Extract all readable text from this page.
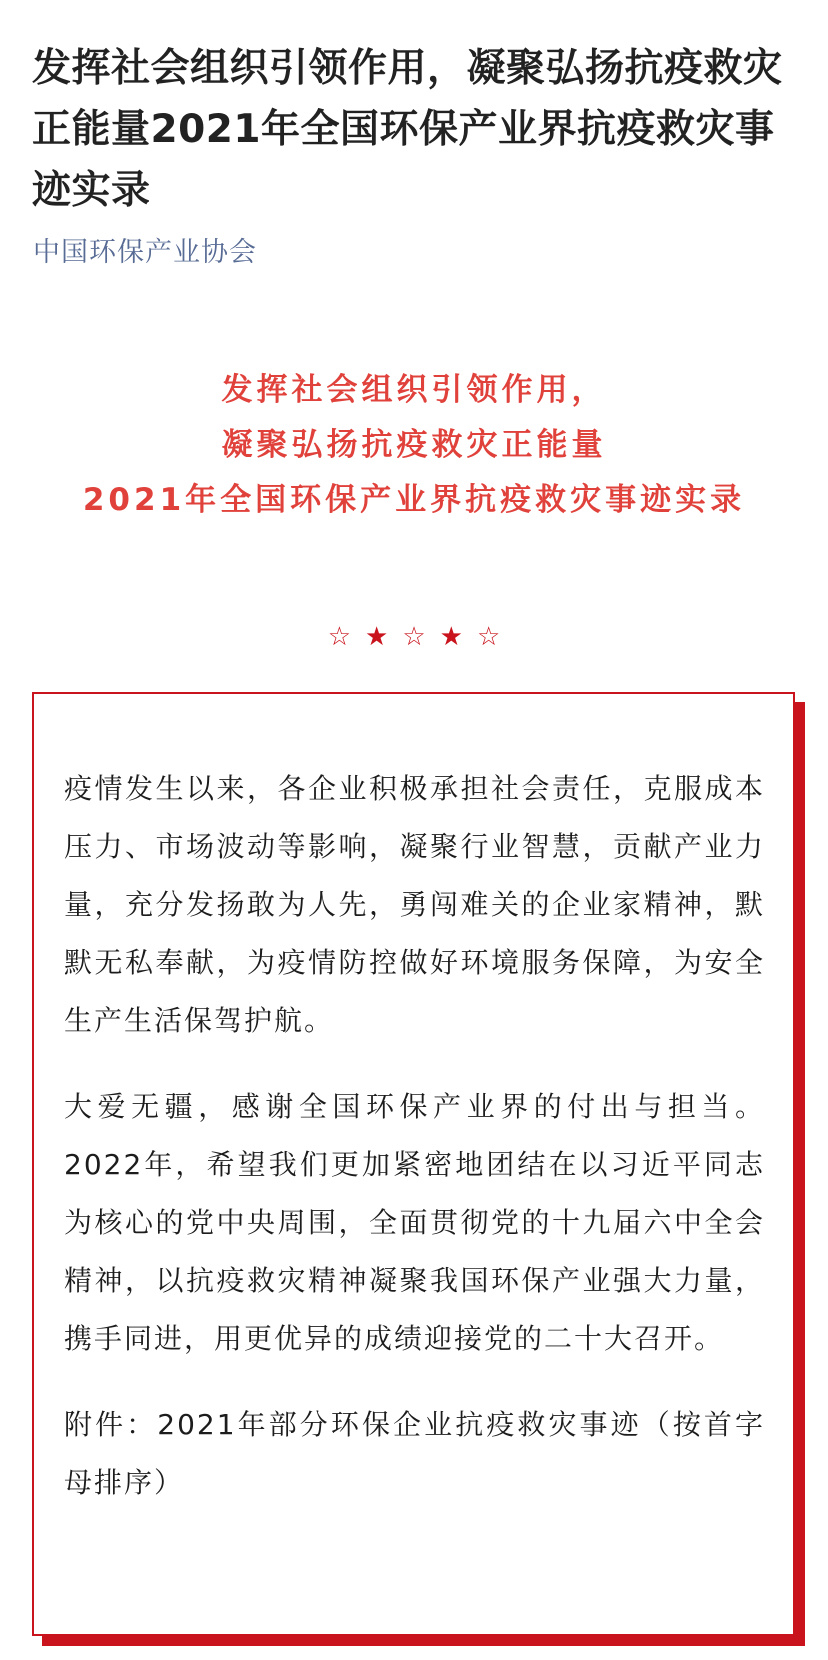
发挥社会组织引领作用，凝聚弘扬抗疫救灾正能量2021年全国环保产业界抗疫救灾事迹实录
中国环保产业协会
发挥社会组织引领作用，
凝聚弘扬抗疫救灾正能量
2021年全国环保产业界抗疫救灾事迹实录
☆★☆★☆

疫情发生以来，各企业积极承担社会责任，克服成本压力、市场波动等影响，凝聚行业智慧，贡献产业力量，充分发扬敢为人先，勇闯难关的企业家精神，默默无私奉献，为疫情防控做好环境服务保障，为安全生产生活保驾护航。

大爱无疆，感谢全国环保产业界的付出与担当。2022年，希望我们更加紧密地团结在以习近平同志为核心的党中央周围，全面贯彻党的十九届六中全会精神，以抗疫救灾精神凝聚我国环保产业强大力量，携手同进，用更优异的成绩迎接党的二十大召开。

附件：2021年部分环保企业抗疫救灾事迹（按首字母排序）
